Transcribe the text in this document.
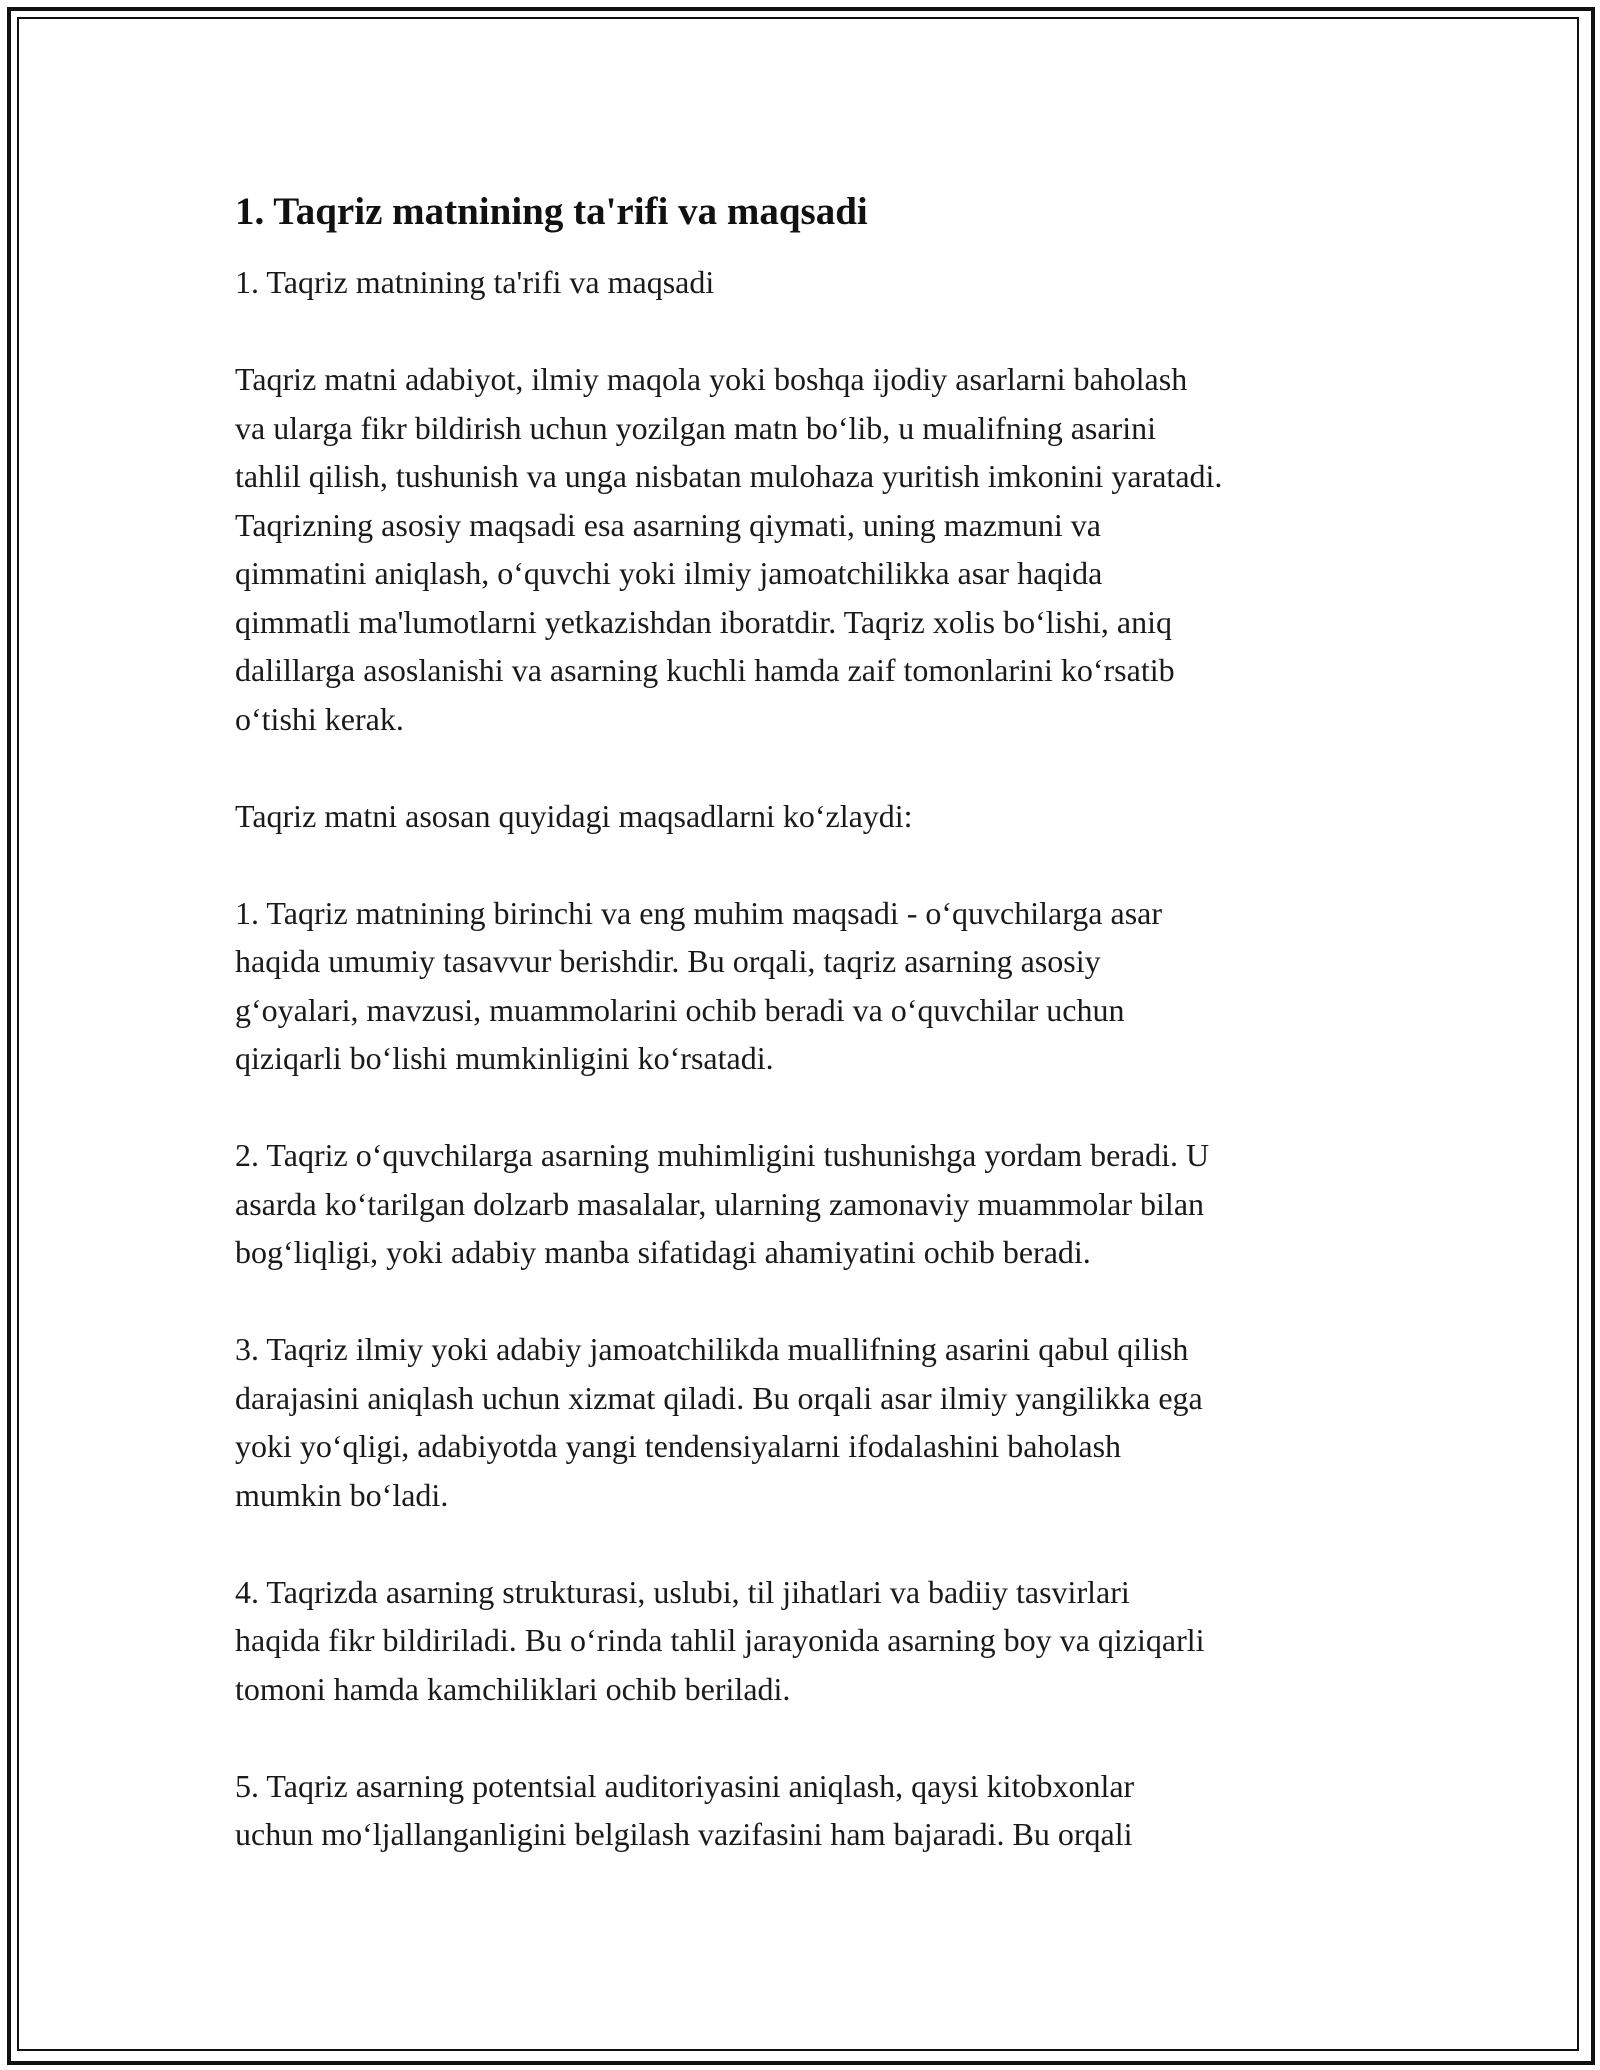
1. Taqriz matnining ta'rifi va maqsadi

1. Taqriz matnining ta'rifi va maqsadi

Taqriz matni adabiyot, ilmiy maqola yoki boshqa ijodiy asarlarni baholash
va ularga fikr bildirish uchun yozilgan matn bo‘lib, u mualifning asarini
tahlil qilish, tushunish va unga nisbatan mulohaza yuritish imkonini yaratadi.
Taqrizning asosiy maqsadi esa asarning qiymati, uning mazmuni va
qimmatini aniqlash, o‘quvchi yoki ilmiy jamoatchilikka asar haqida
qimmatli ma'lumotlarni yetkazishdan iboratdir. Taqriz xolis bo‘lishi, aniq
dalillarga asoslanishi va asarning kuchli hamda zaif tomonlarini ko‘rsatib
o‘tishi kerak.

Taqriz matni asosan quyidagi maqsadlarni ko‘zlaydi:

1. Taqriz matnining birinchi va eng muhim maqsadi - o‘quvchilarga asar
haqida umumiy tasavvur berishdir. Bu orqali, taqriz asarning asosiy
g‘oyalari, mavzusi, muammolarini ochib beradi va o‘quvchilar uchun
qiziqarli bo‘lishi mumkinligini ko‘rsatadi.

2. Taqriz o‘quvchilarga asarning muhimligini tushunishga yordam beradi. U
asarda ko‘tarilgan dolzarb masalalar, ularning zamonaviy muammolar bilan
bog‘liqligi, yoki adabiy manba sifatidagi ahamiyatini ochib beradi.

3. Taqriz ilmiy yoki adabiy jamoatchilikda muallifning asarini qabul qilish
darajasini aniqlash uchun xizmat qiladi. Bu orqali asar ilmiy yangilikka ega
yoki yo‘qligi, adabiyotda yangi tendensiyalarni ifodalashini baholash
mumkin bo‘ladi.

4. Taqrizda asarning strukturasi, uslubi, til jihatlari va badiiy tasvirlari
haqida fikr bildiriladi. Bu o‘rinda tahlil jarayonida asarning boy va qiziqarli
tomoni hamda kamchiliklari ochib beriladi.

5. Taqriz asarning potentsial auditoriyasini aniqlash, qaysi kitobxonlar
uchun mo‘ljallanganligini belgilash vazifasini ham bajaradi. Bu orqali
